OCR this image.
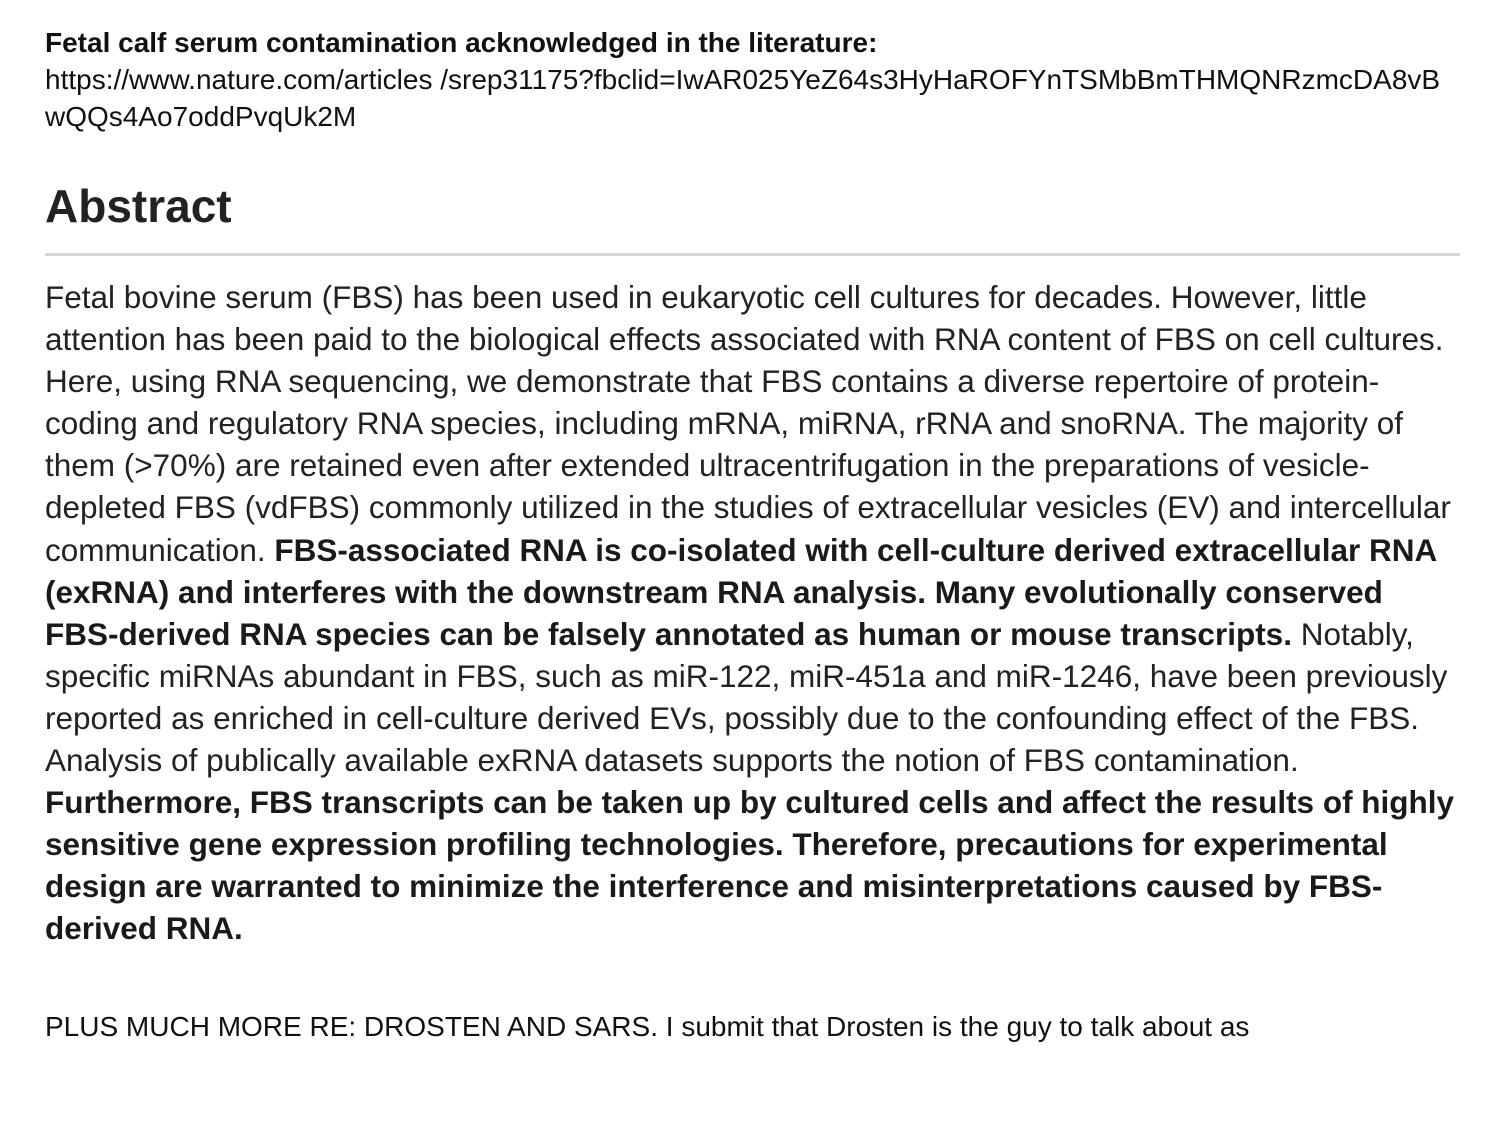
Fetal calf serum contamination acknowledged in the literature:
https://www.nature.com/articles /srep31175?fbclid=IwAR025YeZ64s3HyHaROFYnTSMbBmTHMQNRzmcDA8vBwQQs4Ao7oddPvqUk2M
Abstract

Fetal bovine serum (FBS) has been used in eukaryotic cell cultures for decades. However, little attention has been paid to the biological effects associated with RNA content of FBS on cell cultures. Here, using RNA sequencing, we demonstrate that FBS contains a diverse repertoire of protein-coding and regulatory RNA species, including mRNA, miRNA, rRNA and snoRNA. The majority of them (>70%) are retained even after extended ultracentrifugation in the preparations of vesicle-depleted FBS (vdFBS) commonly utilized in the studies of extracellular vesicles (EV) and intercellular communication. FBS-associated RNA is co-isolated with cell-culture derived extracellular RNA (exRNA) and interferes with the downstream RNA analysis. Many evolutionally conserved FBS-derived RNA species can be falsely annotated as human or mouse transcripts. Notably, specific miRNAs abundant in FBS, such as miR-122, miR-451a and miR-1246, have been previously reported as enriched in cell-culture derived EVs, possibly due to the confounding effect of the FBS. Analysis of publically available exRNA datasets supports the notion of FBS contamination. Furthermore, FBS transcripts can be taken up by cultured cells and affect the results of highly sensitive gene expression profiling technologies. Therefore, precautions for experimental design are warranted to minimize the interference and misinterpretations caused by FBS-derived RNA.

PLUS MUCH MORE RE: DROSTEN AND SARS. I submit that Drosten is the guy to talk about as
